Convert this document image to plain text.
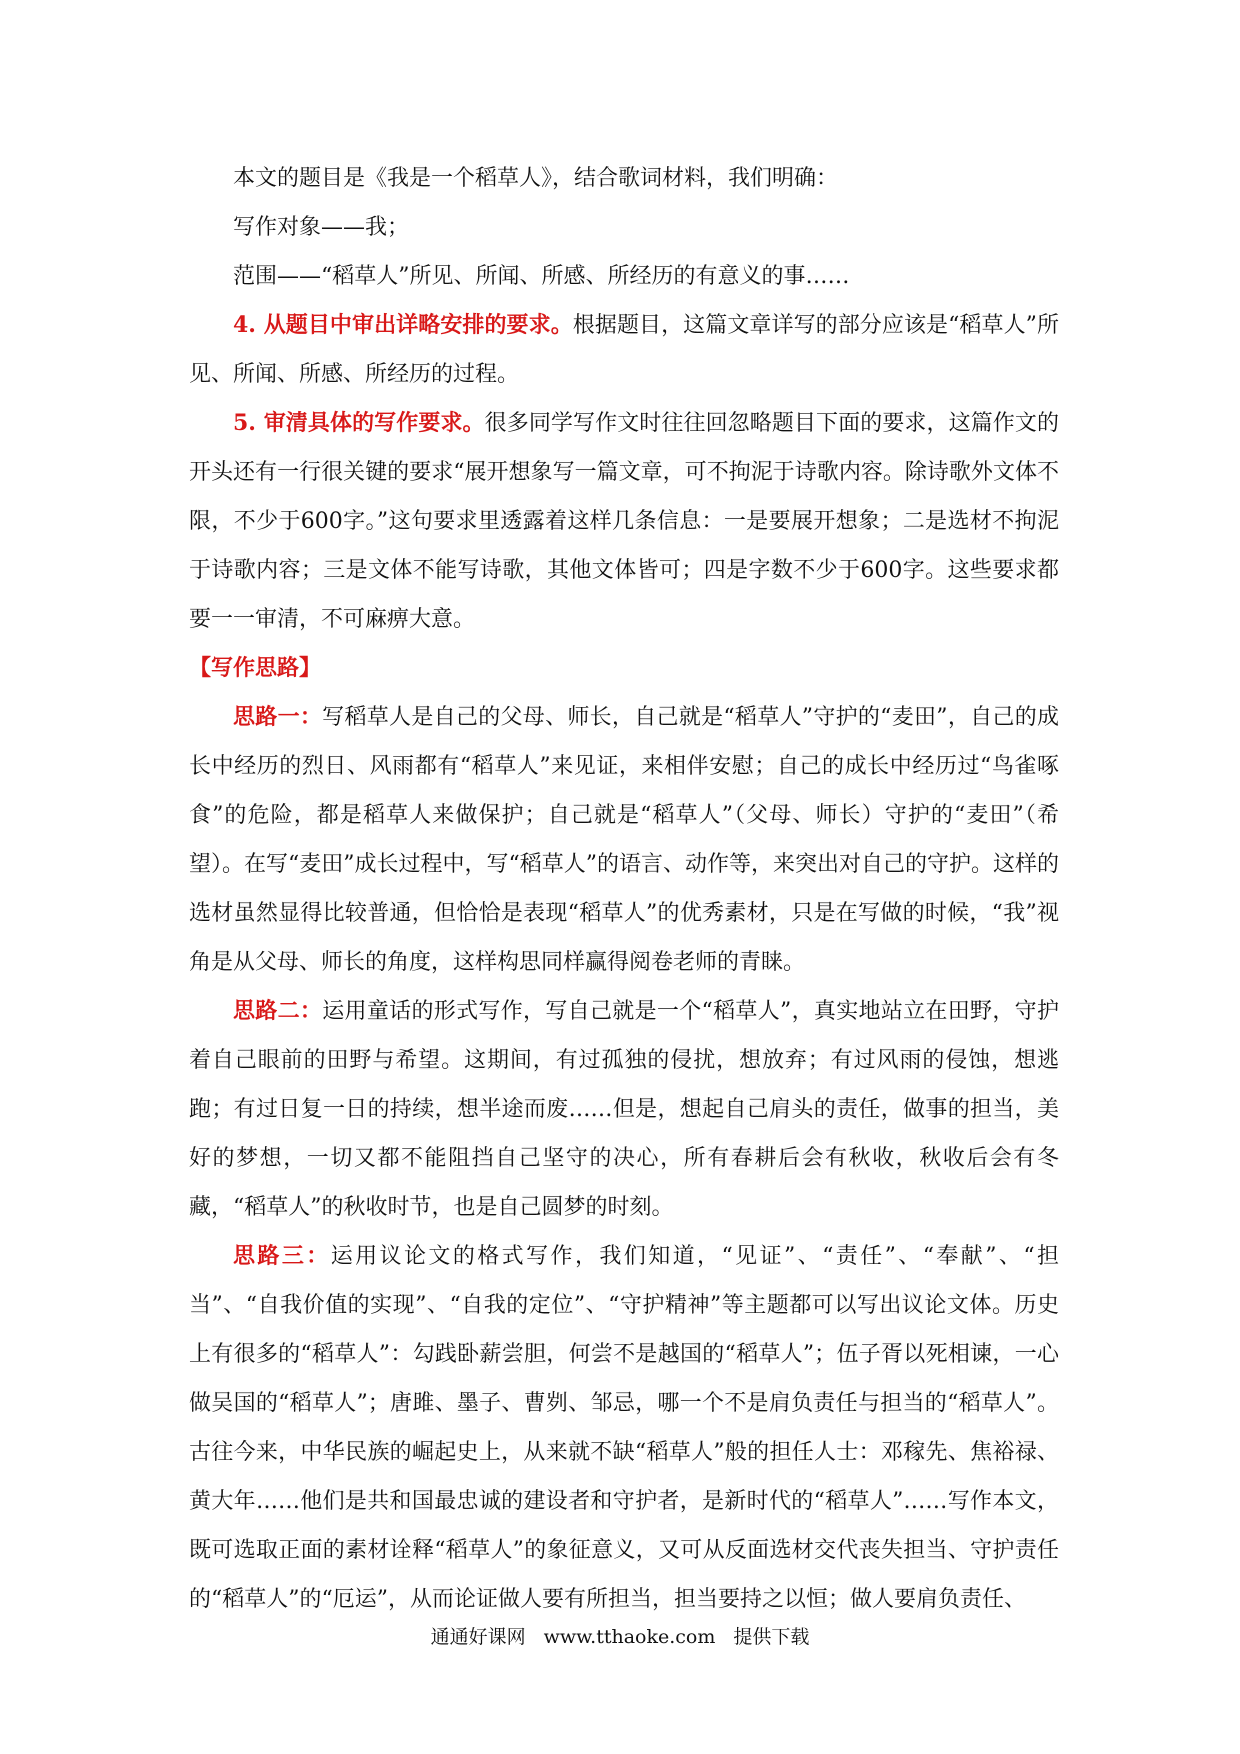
本文的题目是《我是一个稻草人》，结合歌词材料，我们明确：

写作对象——我；

范围——“稻草人”所见、所闻、所感、所经历的有意义的事……

4. 从题目中审出详略安排的要求。根据题目，这篇文章详写的部分应该是“稻草人”所见、所闻、所感、所经历的过程。

5. 审清具体的写作要求。很多同学写作文时往往回忽略题目下面的要求，这篇作文的开头还有一行很关键的要求“展开想象写一篇文章，可不拘泥于诗歌内容。除诗歌外文体不限，不少于600字。”这句要求里透露着这样几条信息：一是要展开想象；二是选材不拘泥于诗歌内容；三是文体不能写诗歌，其他文体皆可；四是字数不少于600字。这些要求都要一一审清，不可麻痹大意。

【写作思路】

思路一：写稻草人是自己的父母、师长，自己就是“稻草人”守护的“麦田”，自己的成长中经历的烈日、风雨都有“稻草人”来见证，来相伴安慰；自己的成长中经历过“鸟雀啄食”的危险，都是稻草人来做保护；自己就是“稻草人”（父母、师长）守护的“麦田”（希望）。在写“麦田”成长过程中，写“稻草人”的语言、动作等，来突出对自己的守护。这样的选材虽然显得比较普通，但恰恰是表现“稻草人”的优秀素材，只是在写做的时候，“我”视角是从父母、师长的角度，这样构思同样赢得阅卷老师的青睐。

思路二：运用童话的形式写作，写自己就是一个“稻草人”，真实地站立在田野，守护着自己眼前的田野与希望。这期间，有过孤独的侵扰，想放弃；有过风雨的侵蚀，想逃跑；有过日复一日的持续，想半途而废……但是，想起自己肩头的责任，做事的担当，美好的梦想，一切又都不能阻挡自己坚守的决心，所有春耕后会有秋收，秋收后会有冬藏，“稻草人”的秋收时节，也是自己圆梦的时刻。

思路三：运用议论文的格式写作，我们知道，“见证”、“责任”、“奉献”、“担当”、“自我价值的实现”、“自我的定位”、“守护精神”等主题都可以写出议论文体。历史上有很多的“稻草人”：勾践卧薪尝胆，何尝不是越国的“稻草人”；伍子胥以死相谏，一心做吴国的“稻草人”；唐雎、墨子、曹刿、邹忌，哪一个不是肩负责任与担当的“稻草人”。古往今来，中华民族的崛起史上，从来就不缺“稻草人”般的担任人士：邓稼先、焦裕禄、黄大年……他们是共和国最忠诚的建设者和守护者，是新时代的“稻草人”……写作本文，既可选取正面的素材诠释“稻草人”的象征意义，又可从反面选材交代丧失担当、守护责任的“稻草人”的“厄运”，从而论证做人要有所担当，担当要持之以恒；做人要肩负责任、

通通好课网 www.tthaoke.com 提供下载
